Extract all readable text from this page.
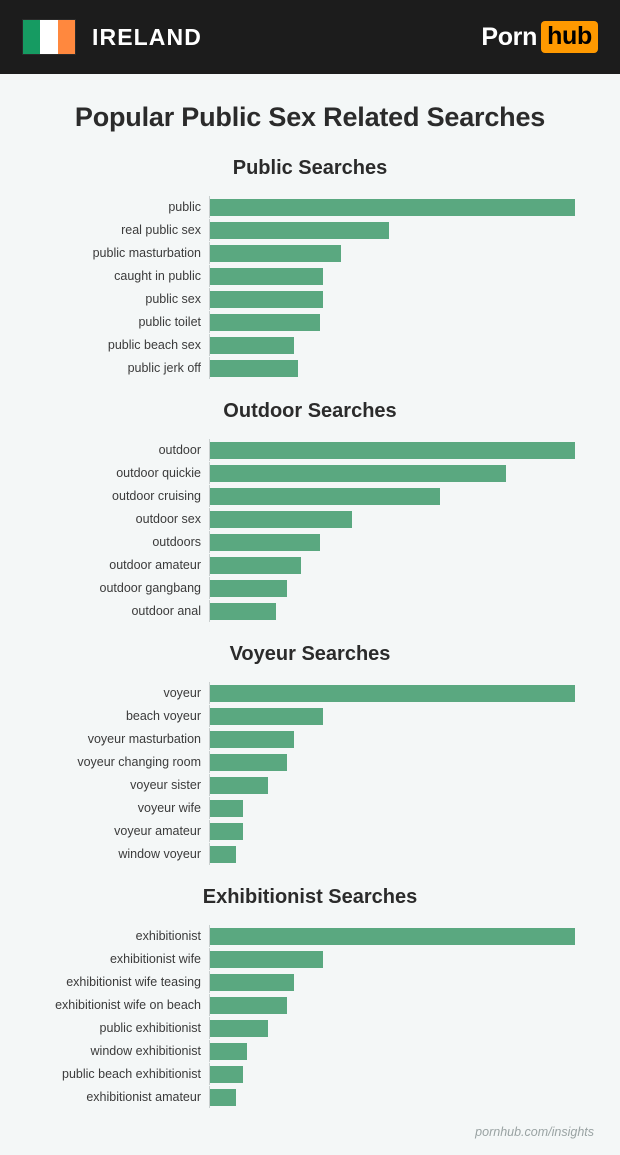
IRELAND	Porn hub
Popular Public Sex Related Searches
Public Searches
public
real public sex
public masturbation
caught in public
public sex
public toilet
public beach sex
public jerk off
Outdoor Searches
outdoor
outdoor quickie
outdoor cruising
outdoor sex
outdoors
outdoor amateur
outdoor gangbang
outdoor anal
Voyeur Searches
voyeur
beach voyeur
voyeur masturbation
voyeur changing room
voyeur sister
voyeur wife
voyeur amateur
window voyeur
Exhibitionist Searches
exhibitionist
exhibitionist wife
exhibitionist wife teasing
exhibitionist wife on beach
public exhibitionist
window exhibitionist
public beach exhibitionist
exhibitionist amateur
pornhub.com/insights
